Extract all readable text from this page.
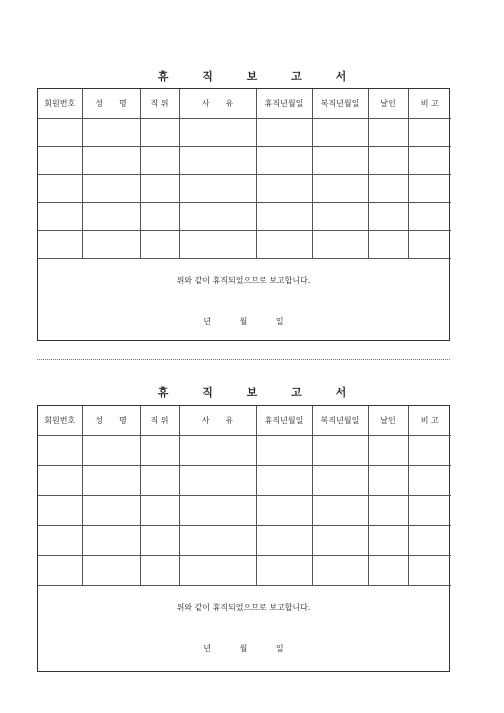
휴 직 보 고 서
회원번호	성　　명	직 위	사　　유	휴직년월일	복직년월일	날인	비 고

위와 같이 휴직되었으므로 보고합니다.
년	월	일
휴 직 보 고 서
회원번호	성　　명	직 위	사　　유	휴직년월일	복직년월일	날인	비 고

위와 같이 휴직되었으므로 보고합니다.
년	월	일
